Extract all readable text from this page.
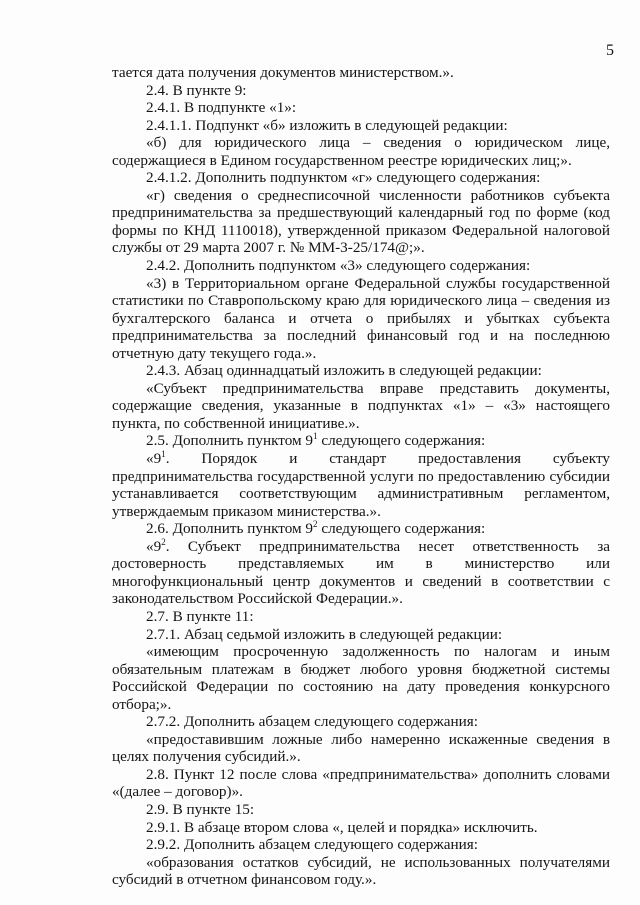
5

тается дата получения документов министерством.».

2.4. В пункте 9:

2.4.1. В подпункте «1»:

2.4.1.1. Подпункт «б» изложить в следующей редакции:

«б) для юридического лица – сведения о юридическом лице, содержащиеся в Едином государственном реестре юридических лиц;».

2.4.1.2. Дополнить подпунктом «г» следующего содержания:

«г) сведения о среднесписочной численности работников субъекта предпринимательства за предшествующий календарный год по форме (код формы по КНД 1110018), утвержденной приказом Федеральной налоговой службы от 29 марта 2007 г. № ММ-3-25/174@;».

2.4.2. Дополнить подпунктом «3» следующего содержания:

«3) в Территориальном органе Федеральной службы государственной статистики по Ставропольскому краю для юридического лица – сведения из бухгалтерского баланса и отчета о прибылях и убытках субъекта предпринимательства за последний финансовый год и на последнюю отчетную дату текущего года.».

2.4.3. Абзац одиннадцатый изложить в следующей редакции:

«Субъект предпринимательства вправе представить документы, содержащие сведения, указанные в подпунктах «1» – «3» настоящего пункта, по собственной инициативе.».

2.5. Дополнить пунктом $9^1$ следующего содержания:

«$9^1$. Порядок и стандарт предоставления субъекту предпринимательства государственной услуги по предоставлению субсидии устанавливается соответствующим административным регламентом, утверждаемым приказом министерства.».

2.6. Дополнить пунктом $9^2$ следующего содержания:

«$9^2$. Субъект предпринимательства несет ответственность за достоверность представляемых им в министерство или многофункциональный центр документов и сведений в соответствии с законодательством Российской Федерации.».

2.7. В пункте 11:

2.7.1. Абзац седьмой изложить в следующей редакции:

«имеющим просроченную задолженность по налогам и иным обязательным платежам в бюджет любого уровня бюджетной системы Российской Федерации по состоянию на дату проведения конкурсного отбора;».

2.7.2. Дополнить абзацем следующего содержания:

«предоставившим ложные либо намеренно искаженные сведения в целях получения субсидий.».

2.8. Пункт 12 после слова «предпринимательства» дополнить словами «(далее – договор)».

2.9. В пункте 15:

2.9.1. В абзаце втором слова «, целей и порядка» исключить.

2.9.2. Дополнить абзацем следующего содержания:

«образования остатков субсидий, не использованных получателями субсидий в отчетном финансовом году.».
